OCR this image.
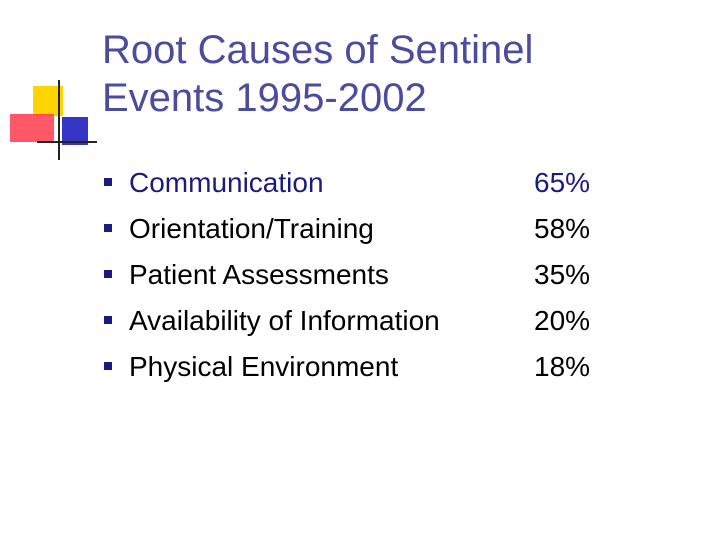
Root Causes of Sentinel
Events 1995-2002
Communication	65%
Orientation/Training	58%
Patient Assessments	35%
Availability of Information	20%
Physical Environment	18%
